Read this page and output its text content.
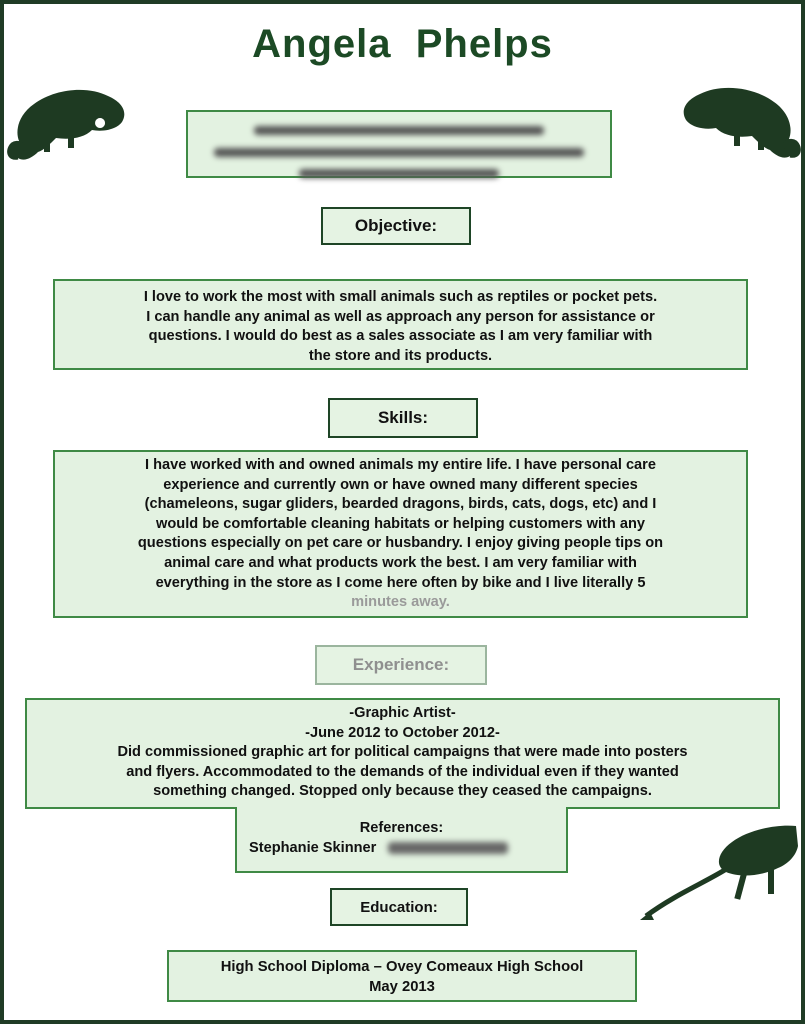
Angela  Phelps

Objective:
I love to work the most with small animals such as reptiles or pocket pets.
I can handle any animal as well as approach any person for assistance or
questions. I would do best as a sales associate as I am very familiar with
the store and its products.
Skills:
I have worked with and owned animals my entire life. I have personal care
experience and currently own or have owned many different species
(chameleons, sugar gliders, bearded dragons, birds, cats, dogs, etc) and I
would be comfortable cleaning habitats or helping customers with any
questions especially on pet care or husbandry. I enjoy giving people tips on
animal care and what products work the best. I am very familiar with
everything in the store as I come here often by bike and I live literally 5
minutes away.
Experience:
-Graphic Artist-
-June 2012 to October 2012-
Did commissioned graphic art for political campaigns that were made into posters
and flyers. Accommodated to the demands of the individual even if they wanted
something changed. Stopped only because they ceased the campaigns.
References:
Stephanie Skinner
Education:
High School Diploma – Ovey Comeaux High School
May 2013
